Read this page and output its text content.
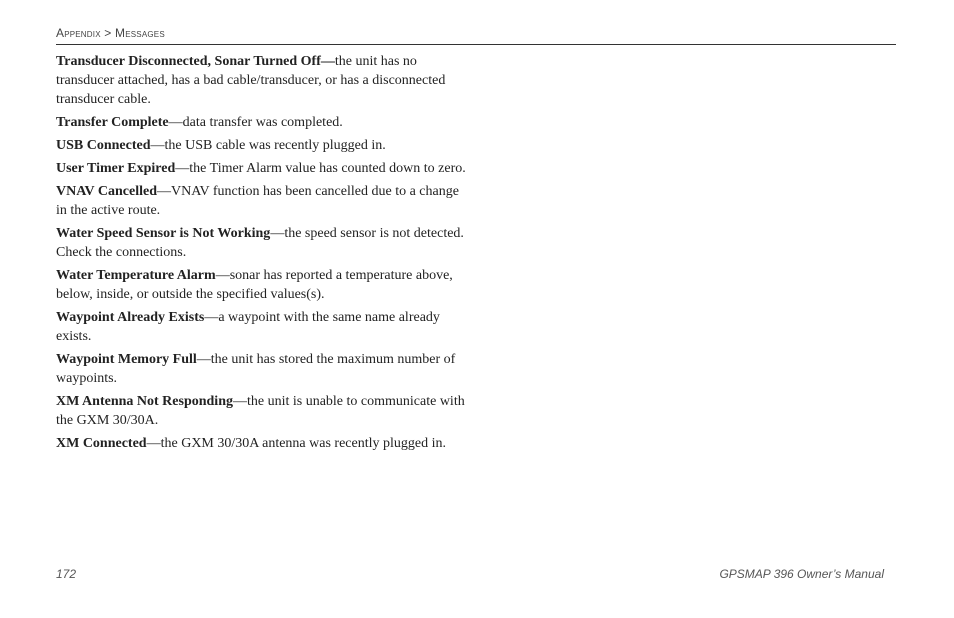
Appendix > Messages
Transducer Disconnected, Sonar Turned Off—the unit has no transducer attached, has a bad cable/transducer, or has a disconnected transducer cable.
Transfer Complete—data transfer was completed.
USB Connected—the USB cable was recently plugged in.
User Timer Expired—the Timer Alarm value has counted down to zero.
VNAV Cancelled—VNAV function has been cancelled due to a change in the active route.
Water Speed Sensor is Not Working—the speed sensor is not detected. Check the connections.
Water Temperature Alarm—sonar has reported a temperature above, below, inside, or outside the specified values(s).
Waypoint Already Exists—a waypoint with the same name already exists.
Waypoint Memory Full—the unit has stored the maximum number of waypoints.
XM Antenna Not Responding—the unit is unable to communicate with the GXM 30/30A.
XM Connected—the GXM 30/30A antenna was recently plugged in.
172	GPSMAP 396 Owner’s Manual
